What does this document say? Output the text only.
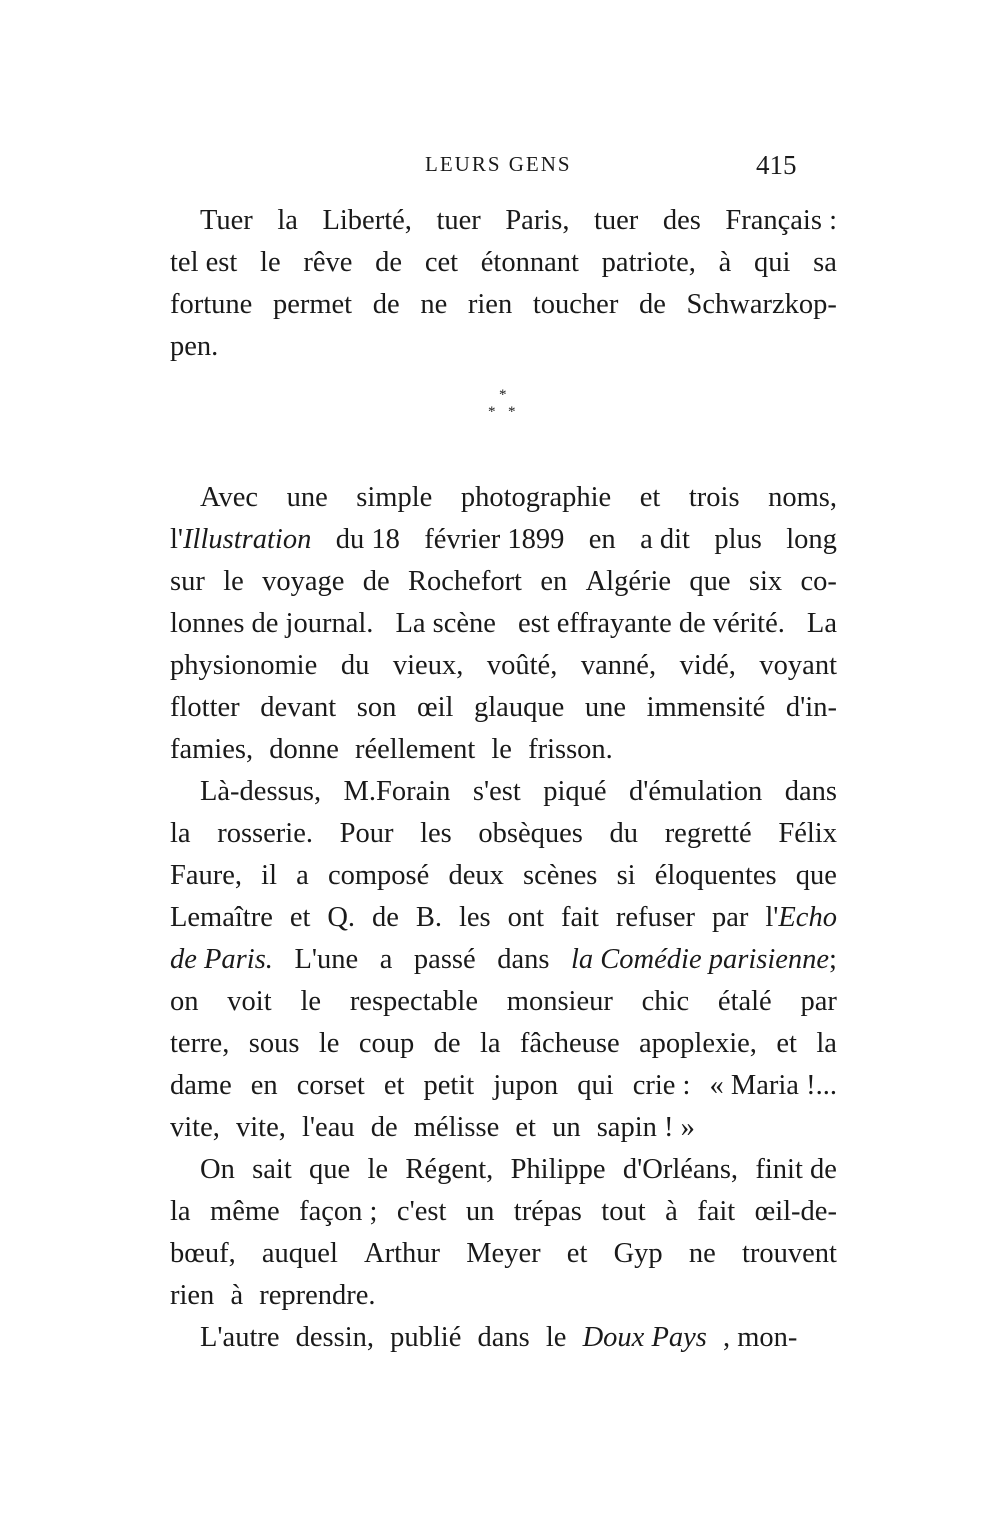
LEURS GENS	415
Tuer la Liberté, tuer Paris, tuer des Français :
tel est le rêve de cet étonnant patriote, à qui sa
fortune permet de ne rien toucher de Schwarzkop-
pen.
*
* *
Avec une simple photographie et trois noms,
l'Illustration du 18 février 1899 en a dit plus long
sur le voyage de Rochefort en Algérie que six co-
lonnes de journal. La scène est effrayante de vérité. La
physionomie du vieux, voûté, vanné, vidé, voyant
flotter devant son œil glauque une immensité d'in-
famies, donne réellement le frisson.
Là-dessus, M.Forain s'est piqué d'émulation dans
la rosserie. Pour les obsèques du regretté Félix
Faure, il a composé deux scènes si éloquentes que
Lemaître et Q. de B. les ont fait refuser par l'Echo
de Paris. L'une a passé dans la Comédie parisienne;
on voit le respectable monsieur chic étalé par
terre, sous le coup de la fâcheuse apoplexie, et la
dame en corset et petit jupon qui crie : « Maria !...
vite, vite, l'eau de mélisse et un sapin ! »
On sait que le Régent, Philippe d'Orléans, finit de
la même façon ; c'est un trépas tout à fait œil-de-
bœuf, auquel Arthur Meyer et Gyp ne trouvent
rien à reprendre.
L'autre dessin, publié dans le Doux Pays , mon-
